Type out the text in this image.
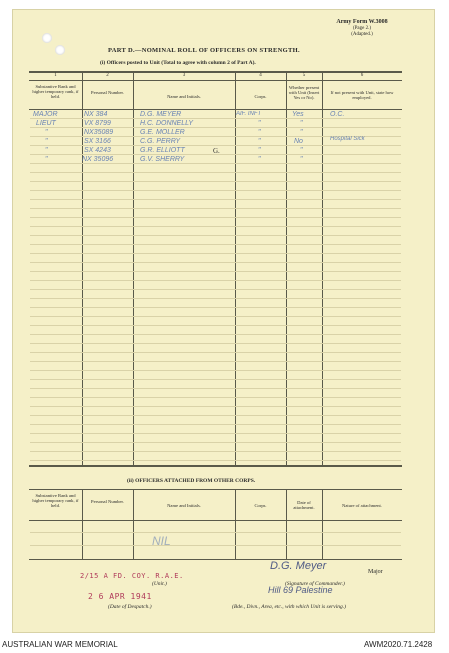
Army Form W.3008
(Page 2.)
(Adapted.)
PART D.—NOMINAL ROLL OF OFFICERS ON STRENGTH.
(i) Officers posted to Unit (Total to agree with column 2 of Part A).
1	2	3	4	5	6
Substantive Rank and higher temporary rank, if held.
Personal Number.
Name and Initials.	Corps.
Whether present with Unit (Insert Yes or No).
If not present with Unit, state how employed.
MAJOR	NX 384	D.G. MEYER	AIF. INFT	Yes	O.C.
LIEUT	VX 8799	H.C. DONNELLY	"	"
"	NX35089	G.E. MOLLER	"	"
"	SX 3166	C.G. PERRY	"	No	Hospital Sick
"	SX 4243	G.R. ELLIOTT	"	"
"	NX 35096	G.V. SHERRY	"	"
G.
(ii) OFFICERS ATTACHED FROM OTHER CORPS.
Substantive Rank and higher temporary rank, if held.
Personal Number.
Name and Initials.	Corps.
Date of attachment.	Nature of attachment.
NIL
2/15 A FD. COY. R.A.E.
(Unit.)
2 6 APR 1941
(Date of Despatch.)
D.G. Meyer	Major
(Signature of Commander.)
Hill 69 Palestine
(Bde., Divn., Area, etc., with which Unit is serving.)
AUSTRALIAN WAR MEMORIAL	AWM2020.71.2428
